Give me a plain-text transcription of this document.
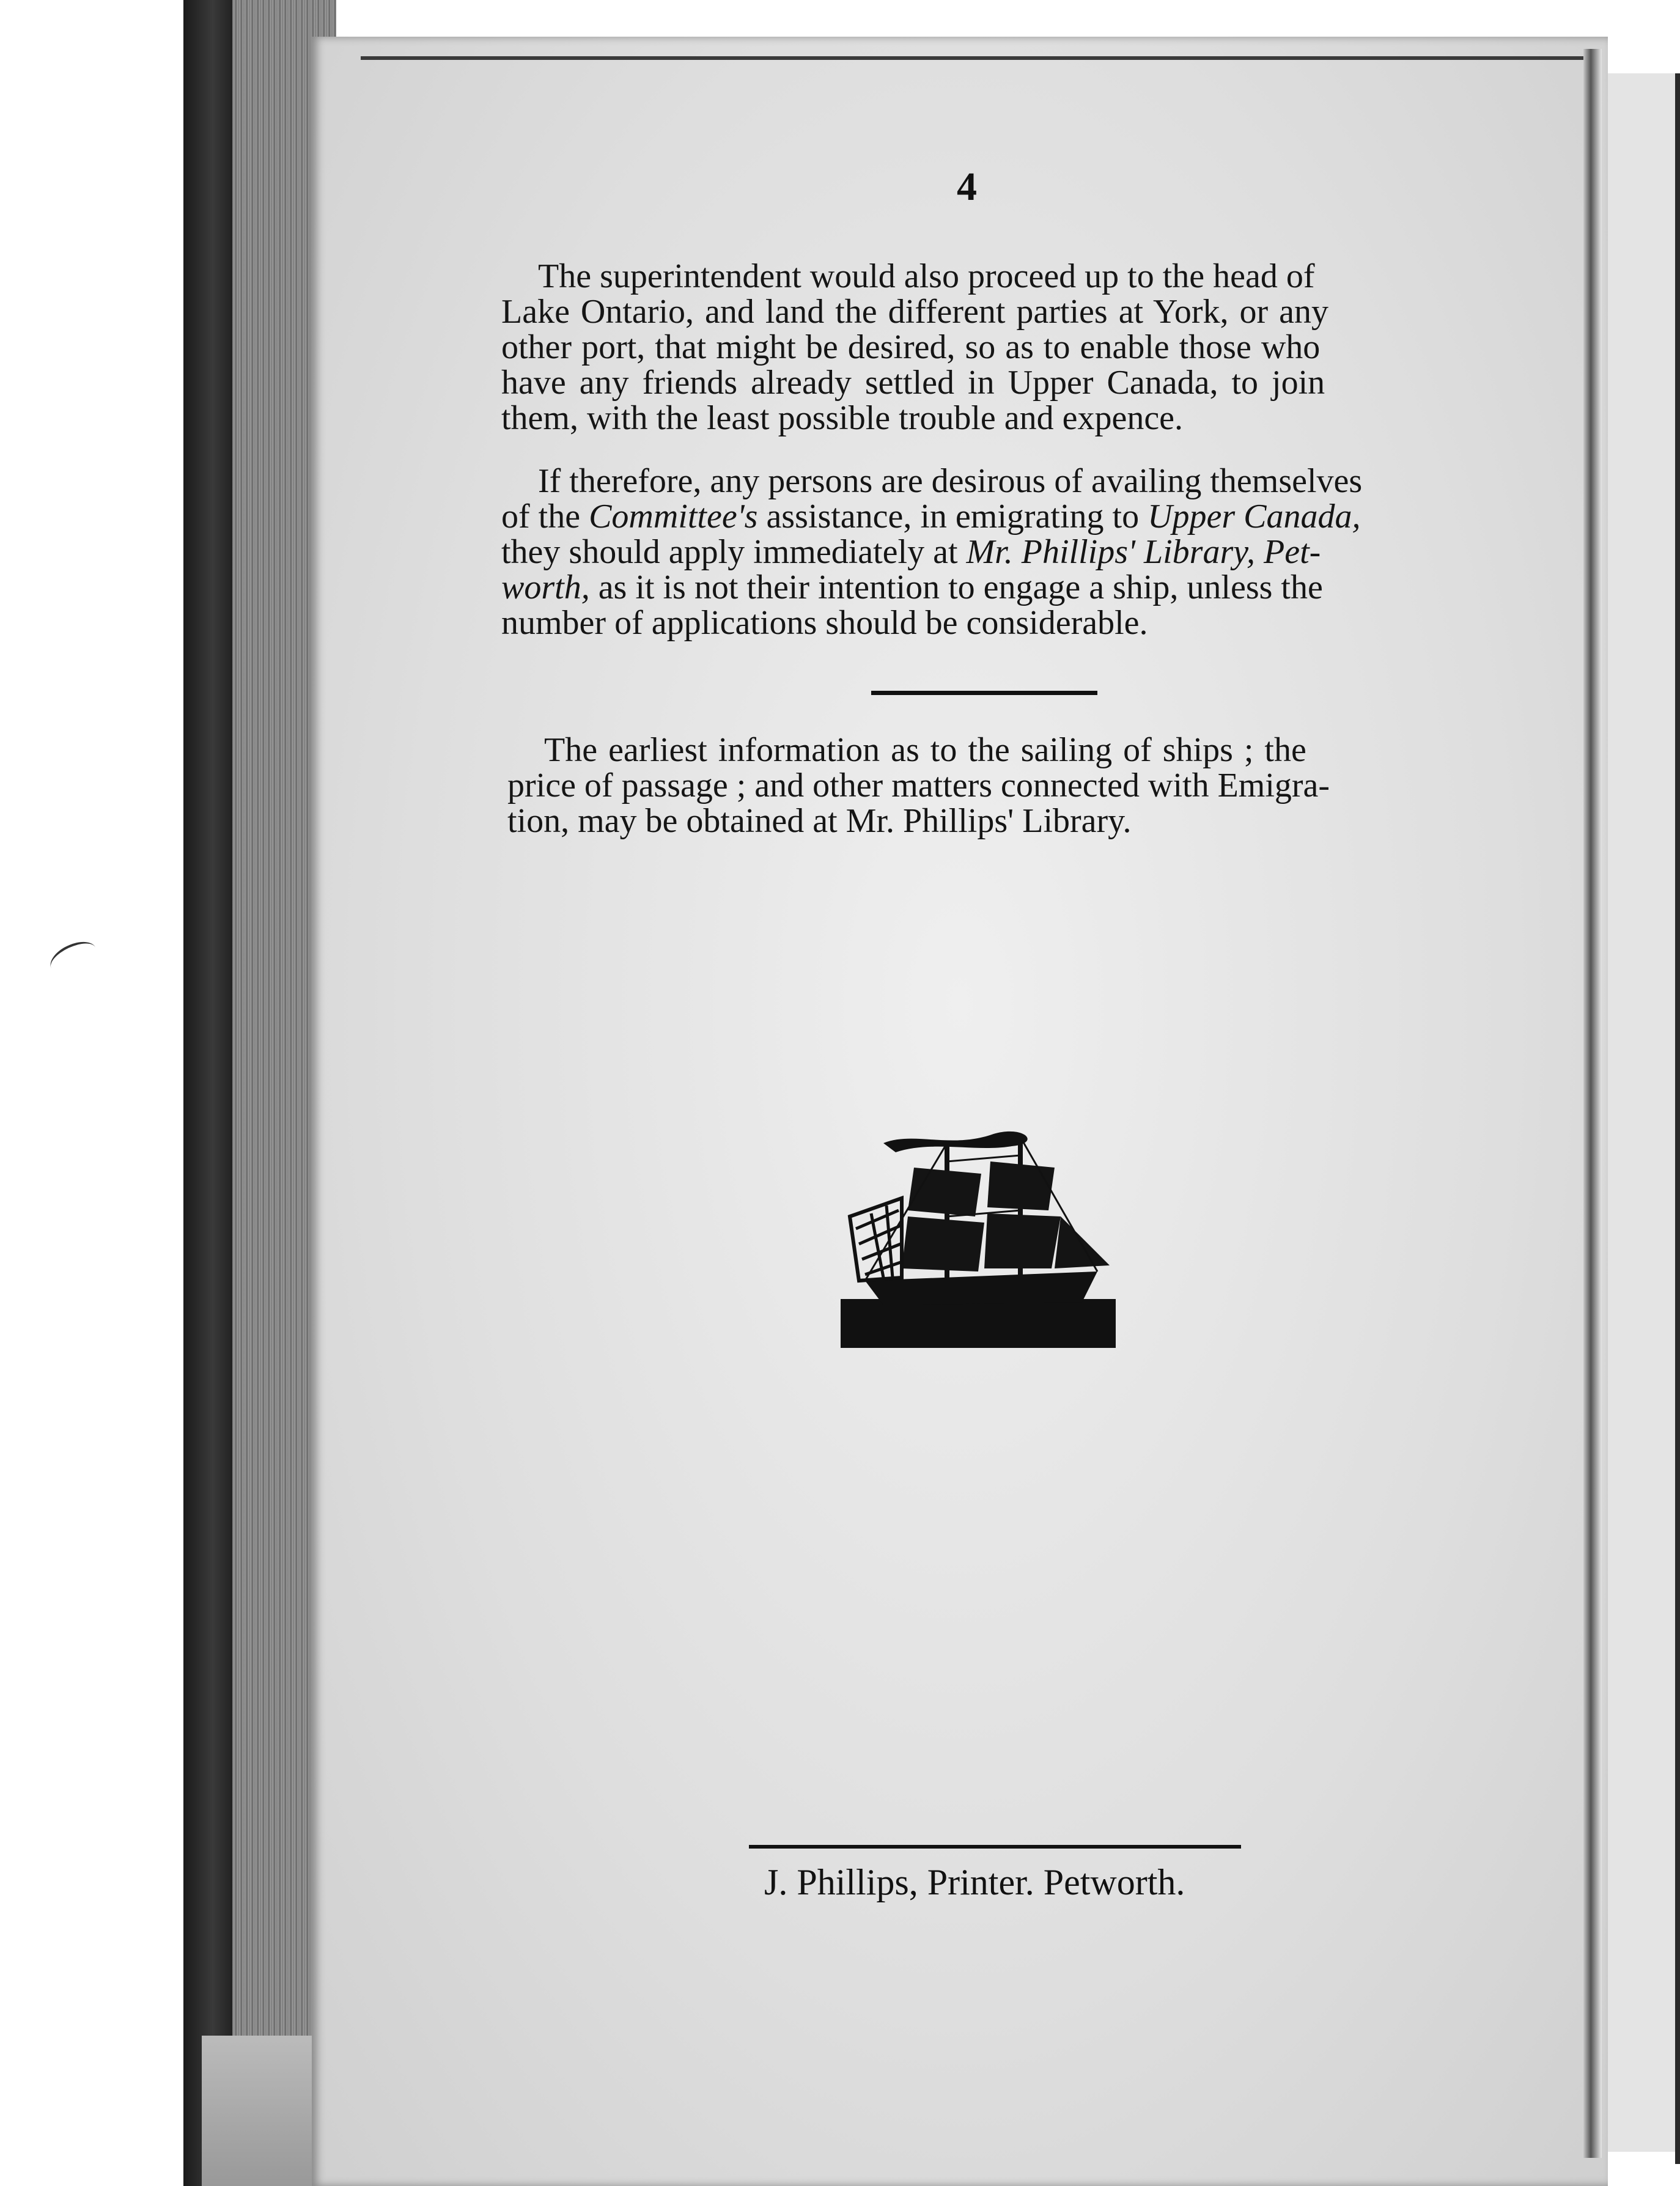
4
The superintendent would also proceed up to the head of
Lake Ontario, and land the different parties at York, or any
other port, that might be desired, so as to enable those who
have any friends already settled in Upper Canada, to join
them, with the least possible trouble and expence.
If therefore, any persons are desirous of availing themselves
of the Committee's assistance, in emigrating to Upper Canada,
they should apply immediately at Mr. Phillips' Library, Pet-
worth, as it is not their intention to engage a ship, unless the
number of applications should be considerable.
The earliest information as to the sailing of ships ; the
price of passage ; and other matters connected with Emigra-
tion, may be obtained at Mr. Phillips' Library.
J. Phillips, Printer. Petworth.
